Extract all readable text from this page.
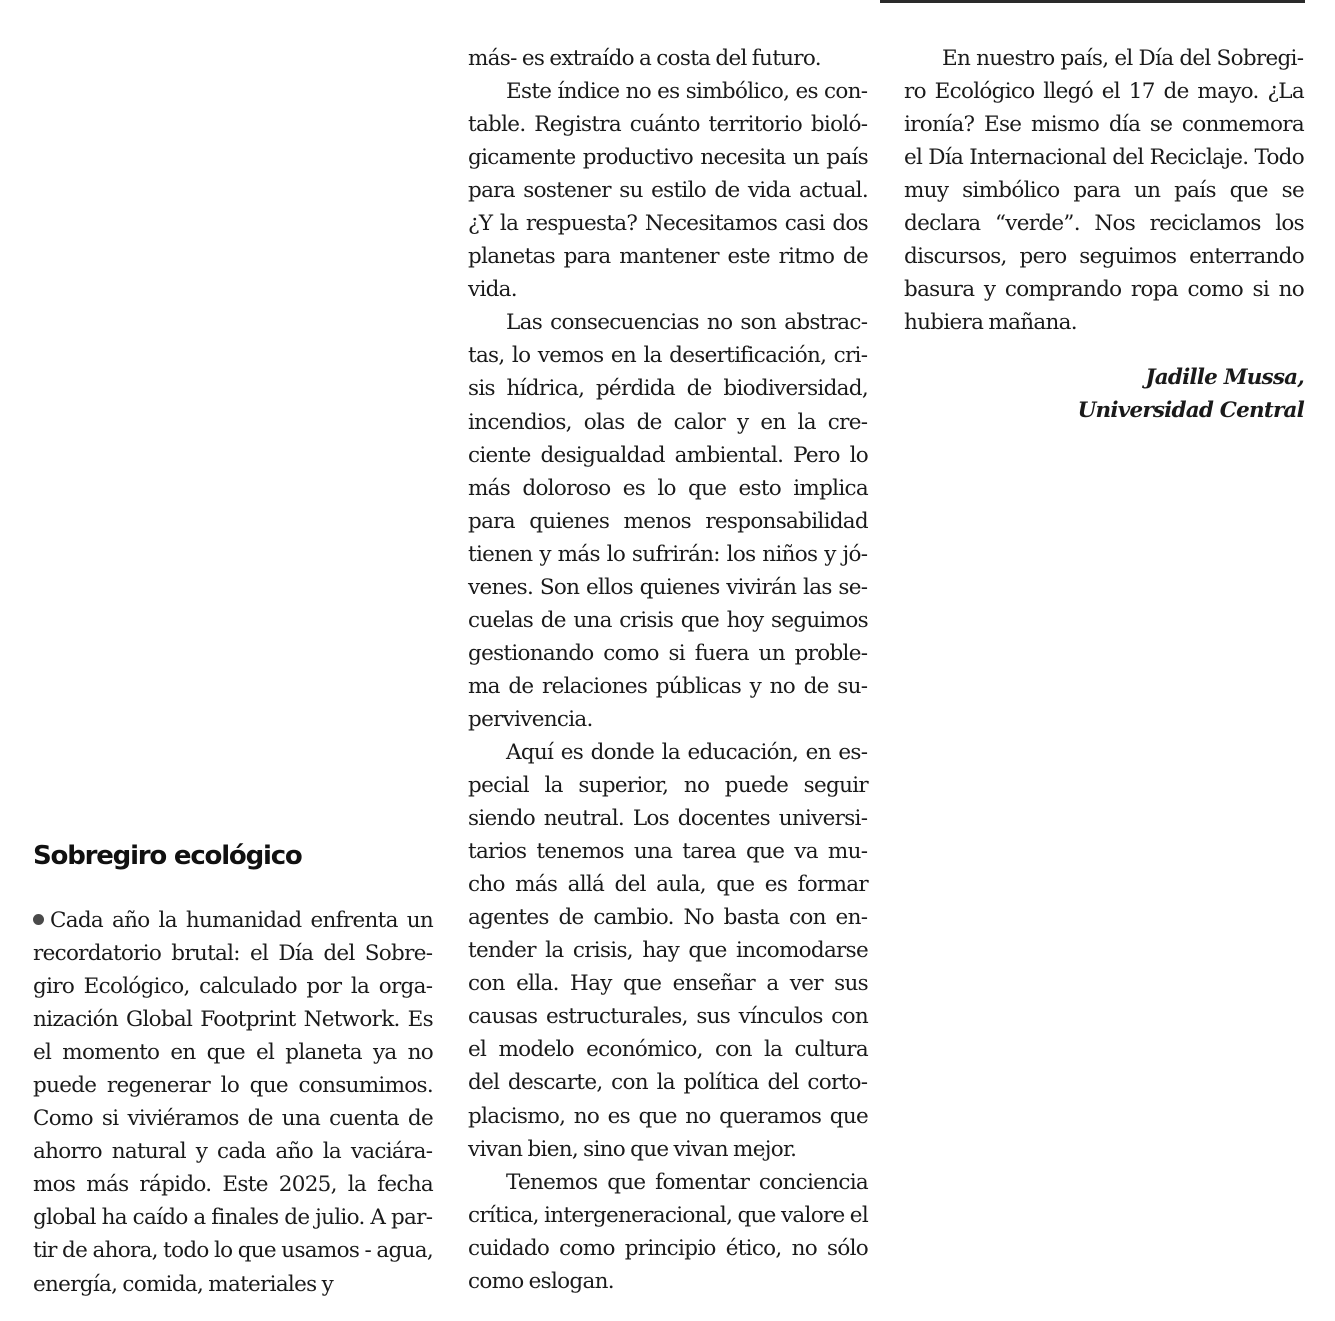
Sobregiro ecológico

Cada año la humanidad enfrenta un recordatorio brutal: el Día del Sobregiro Ecológico, calculado por la organización Global Footprint Network. Es el momento en que el planeta ya no puede regenerar lo que consumimos. Como si viviéramos de una cuenta de ahorro natural y cada año la vaciáramos más rápido. Este 2025, la fecha global ha caído a finales de julio. A partir de ahora, todo lo que usamos - agua, energía, comida, materiales y

más- es extraído a costa del futuro.

Este índice no es simbólico, es contable. Registra cuánto territorio biológicamente productivo necesita un país para sostener su estilo de vida actual. ¿Y la respuesta? Necesitamos casi dos planetas para mantener este ritmo de vida.

Las consecuencias no son abstractas, lo vemos en la desertificación, crisis hídrica, pérdida de biodiversidad, incendios, olas de calor y en la creciente desigualdad ambiental. Pero lo más doloroso es lo que esto implica para quienes menos responsabilidad tienen y más lo sufrirán: los niños y jóvenes. Son ellos quienes vivirán las secuelas de una crisis que hoy seguimos gestionando como si fuera un problema de relaciones públicas y no de supervivencia.

Aquí es donde la educación, en especial la superior, no puede seguir siendo neutral. Los docentes universitarios tenemos una tarea que va mucho más allá del aula, que es formar agentes de cambio. No basta con entender la crisis, hay que incomodarse con ella. Hay que enseñar a ver sus causas estructurales, sus vínculos con el modelo económico, con la cultura del descarte, con la política del cortoplacismo, no es que no queramos que vivan bien, sino que vivan mejor.

Tenemos que fomentar conciencia crítica, intergeneracional, que valore el cuidado como principio ético, no sólo como eslogan.

En nuestro país, el Día del Sobregiro Ecológico llegó el 17 de mayo. ¿La ironía? Ese mismo día se conmemora el Día Internacional del Reciclaje. Todo muy simbólico para un país que se declara “verde”. Nos reciclamos los discursos, pero seguimos enterrando basura y comprando ropa como si no hubiera mañana.

Jadille Mussa,
Universidad Central
